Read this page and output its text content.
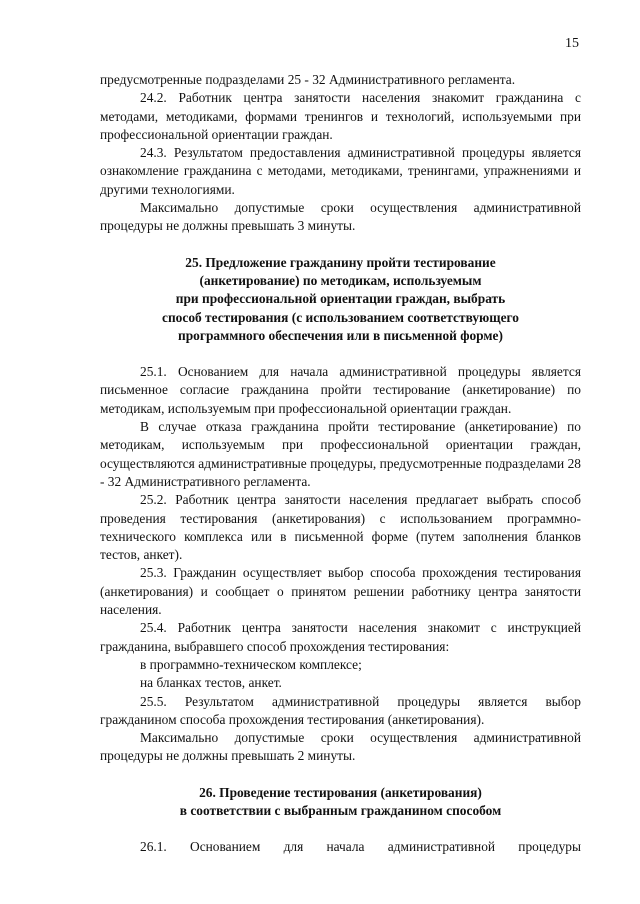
15

предусмотренные подразделами 25 - 32 Административного регламента.

24.2. Работник центра занятости населения знакомит гражданина с методами, методиками, формами тренингов и технологий, используемыми при профессиональной ориентации граждан.

24.3. Результатом предоставления административной процедуры является ознакомление гражданина с методами, методиками, тренингами, упражнениями и другими технологиями.

Максимально допустимые сроки осуществления административной процедуры не должны превышать 3 минуты.

25. Предложение гражданину пройти тестирование
(анкетирование) по методикам, используемым
при профессиональной ориентации граждан, выбрать
способ тестирования (с использованием соответствующего
программного обеспечения или в письменной форме)

25.1. Основанием для начала административной процедуры является письменное согласие гражданина пройти тестирование (анкетирование) по методикам, используемым при профессиональной ориентации граждан.

В случае отказа гражданина пройти тестирование (анкетирование) по методикам, используемым при профессиональной ориентации граждан, осуществляются административные процедуры, предусмотренные подразделами 28 - 32 Административного регламента.

25.2. Работник центра занятости населения предлагает выбрать способ проведения тестирования (анкетирования) с использованием программно-технического комплекса или в письменной форме (путем заполнения бланков тестов, анкет).

25.3. Гражданин осуществляет выбор способа прохождения тестирования (анкетирования) и сообщает о принятом решении работнику центра занятости населения.

25.4. Работник центра занятости населения знакомит с инструкцией гражданина, выбравшего способ прохождения тестирования:

в программно-техническом комплексе;

на бланках тестов, анкет.

25.5. Результатом административной процедуры является выбор гражданином способа прохождения тестирования (анкетирования).

Максимально допустимые сроки осуществления административной процедуры не должны превышать 2 минуты.

26. Проведение тестирования (анкетирования)
в соответствии с выбранным гражданином способом

26.1. Основанием для начала административной процедуры
